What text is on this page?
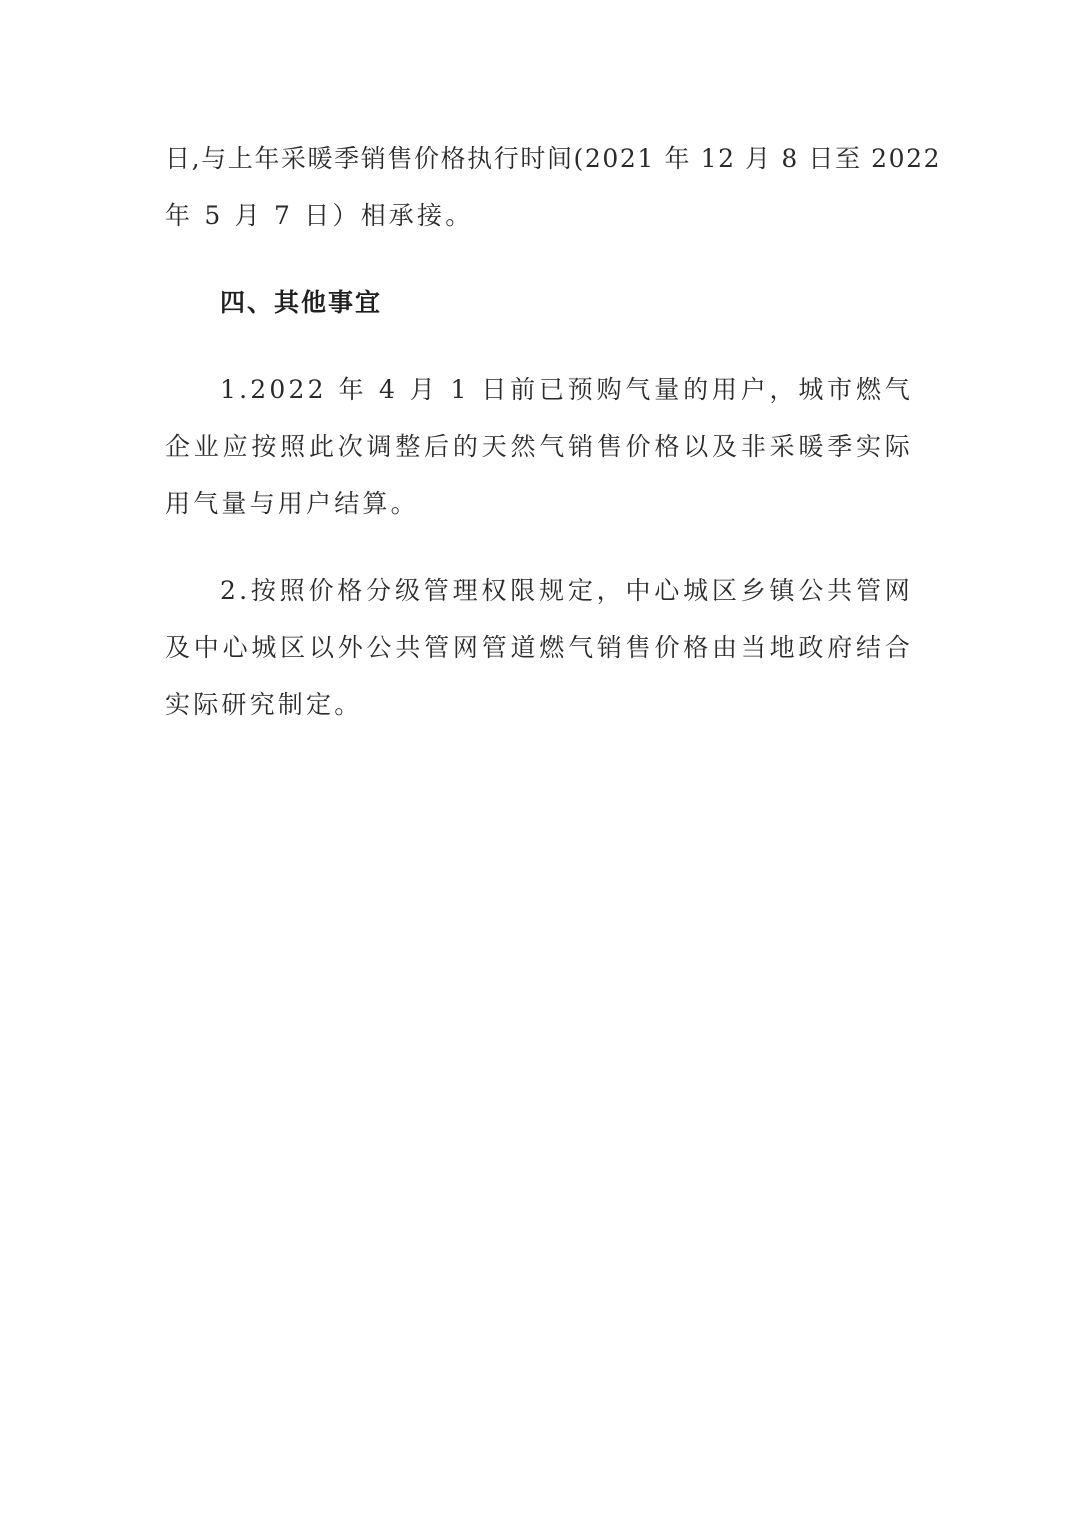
日,与上年采暖季销售价格执行时间(2021 年 12 月 8 日至 2022

年 5 月 7 日）相承接。

四、其他事宜

1.2022 年 4 月 1 日前已预购气量的用户，城市燃气企业应按照此次调整后的天然气销售价格以及非采暖季实际用气量与用户结算。

2.按照价格分级管理权限规定，中心城区乡镇公共管网及中心城区以外公共管网管道燃气销售价格由当地政府结合实际研究制定。
